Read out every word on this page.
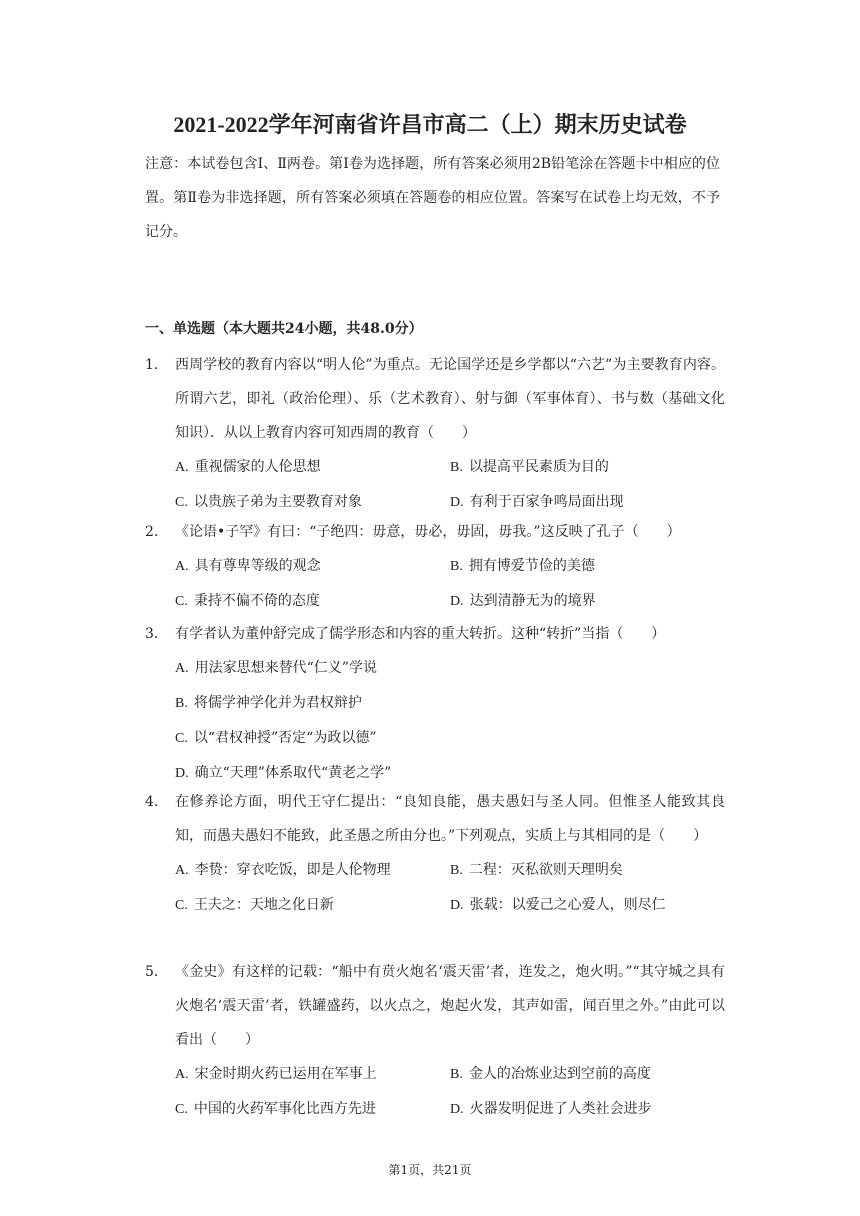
2021-2022学年河南省许昌市高二（上）期末历史试卷
注意：本试卷包含Ⅰ、Ⅱ两卷。第Ⅰ卷为选择题，所有答案必须用2B铅笔涂在答题卡中相应的位置。第Ⅱ卷为非选择题，所有答案必须填在答题卷的相应位置。答案写在试卷上均无效，不予记分。
一、单选题（本大题共24小题，共48.0分）
1. 西周学校的教育内容以“明人伦”为重点。无论国学还是乡学都以“六艺”为主要教育内容。所谓六艺，即礼（政治伦理）、乐（艺术教育）、射与御（军事体育）、书与数（基础文化知识）．从以上教育内容可知西周的教育（　　）
A. 重视儒家的人伦思想	B. 以提高平民素质为目的
C. 以贵族子弟为主要教育对象	D. 有利于百家争鸣局面出现
2. 《论语•子罕》有曰：“子绝四：毋意，毋必，毋固，毋我。”这反映了孔子（　　）
A. 具有尊卑等级的观念	B. 拥有博爱节俭的美德
C. 秉持不偏不倚的态度	D. 达到清静无为的境界
3. 有学者认为董仲舒完成了儒学形态和内容的重大转折。这种“转折”当指（　　）
A. 用法家思想来替代“仁义”学说
B. 将儒学神学化并为君权辩护
C. 以“君权神授”否定“为政以德”
D. 确立“天理”体系取代“黄老之学”
4. 在修养论方面，明代王守仁提出：“良知良能，愚夫愚妇与圣人同。但惟圣人能致其良知，而愚夫愚妇不能致，此圣愚之所由分也。”下列观点，实质上与其相同的是（　　）
A. 李贽：穿衣吃饭，即是人伦物理	B. 二程：灭私欲则天理明矣
C. 王夫之：天地之化日新	D. 张载：以爱己之心爱人，则尽仁
5. 《金史》有这样的记载：“船中有贲火炮名‘震天雷’者，连发之，炮火明。”“其守城之具有火炮名‘震天雷’者，铁罐盛药，以火点之，炮起火发，其声如雷，闻百里之外。”由此可以看出（　　）
A. 宋金时期火药已运用在军事上	B. 金人的冶炼业达到空前的高度
C. 中国的火药军事化比西方先进	D. 火器发明促进了人类社会进步
第1页，共21页
